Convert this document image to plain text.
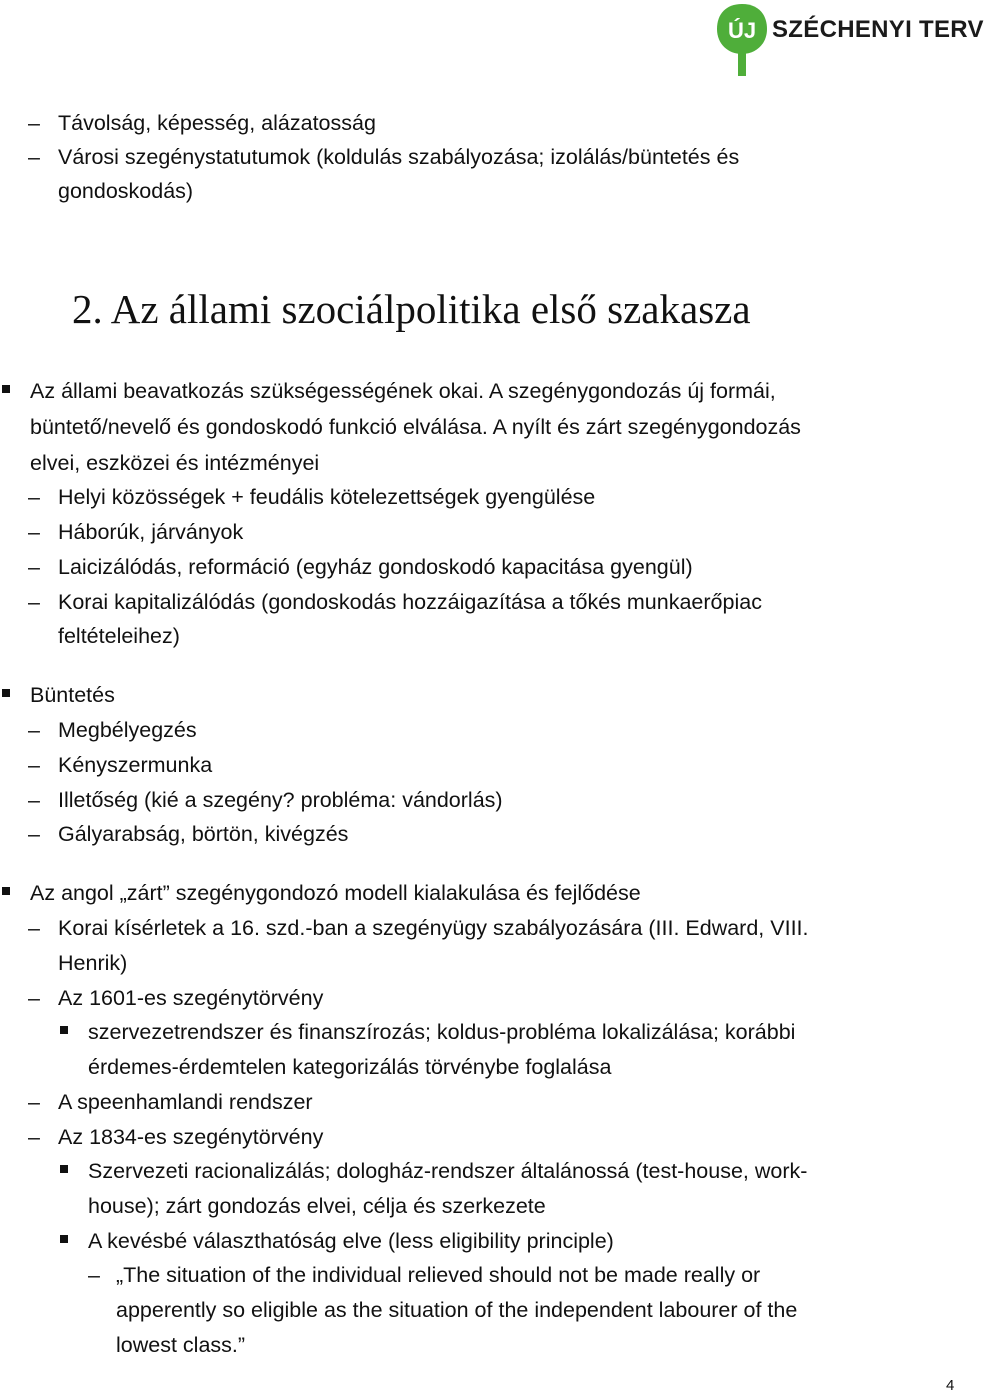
ÚJ SZÉCHENYI TERV
– Távolság, képesség, alázatosság
– Városi szegénystatutumok (koldulás szabályozása; izolálás/büntetés és
gondoskodás)
2. Az állami szociálpolitika első szakasza
Az állami beavatkozás szükségességének okai. A szegénygondozás új formái,
büntető/nevelő és gondoskodó funkció elválása. A nyílt és zárt szegénygondozás
elvei, eszközei és intézményei
– Helyi közösségek + feudális kötelezettségek gyengülése
– Háborúk, járványok
– Laicizálódás, reformáció (egyház gondoskodó kapacitása gyengül)
– Korai kapitalizálódás (gondoskodás hozzáigazítása a tőkés munkaerőpiac
feltételeihez)
Büntetés
– Megbélyegzés
– Kényszermunka
– Illetőség (kié a szegény? probléma: vándorlás)
– Gályarabság, börtön, kivégzés
Az angol „zárt” szegénygondozó modell kialakulása és fejlődése
– Korai kísérletek a 16. szd.-ban a szegényügy szabályozására (III. Edward, VIII.
Henrik)
– Az 1601-es szegénytörvény
szervezetrendszer és finanszírozás; koldus-probléma lokalizálása; korábbi
érdemes-érdemtelen kategorizálás törvénybe foglalása
– A speenhamlandi rendszer
– Az 1834-es szegénytörvény
Szervezeti racionalizálás; dologház-rendszer általánossá (test-house, work-
house); zárt gondozás elvei, célja és szerkezete
A kevésbé választhatóság elve (less eligibility principle)
– „The situation of the individual relieved should not be made really or
apperently so eligible as the situation of the independent labourer of the
lowest class.”
4
